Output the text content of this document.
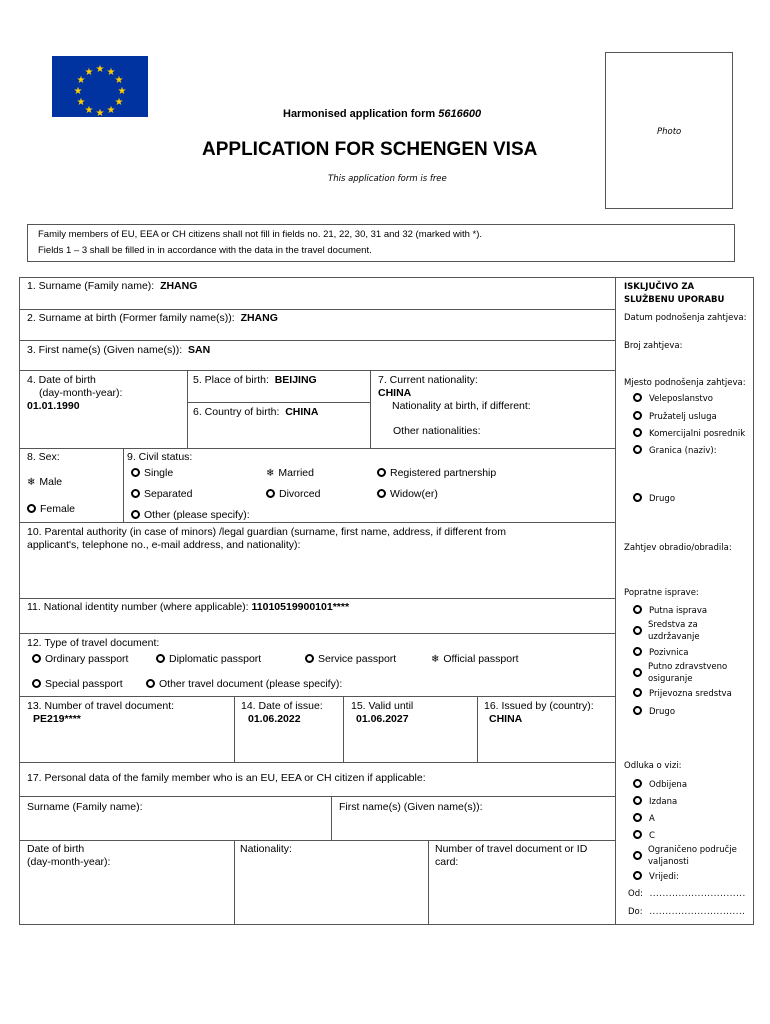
★ ★
★
★
★
★
★
★
★
★
★
★
Harmonised application form 5616600
APPLICATION FOR SCHENGEN VISA
This application form is free
Photo
Family members of EU, EEA or CH citizens shall not fill in fields no. 21, 22, 30, 31 and 32 (marked with *).
Fields 1 – 3 shall be filled in in accordance with the data in the travel document.
1. Surname (Family name): ZHANG
2. Surname at birth (Former family name(s)): ZHANG
3. First name(s) (Given name(s)): SAN
4. Date of birth
(day-month-year):
01.01.1990
5. Place of birth: BEIJING
6. Country of birth: CHINA
7. Current nationality:
CHINA
Nationality at birth, if different:
Other nationalities:
8. Sex:
❄ Male
Female
9. Civil status:
Single	❄ Married	Registered partnership
Separated	Divorced	Widow(er)
Other (please specify):
10. Parental authority (in case of minors) /legal guardian (surname, first name, address, if different from
applicant's, telephone no., e-mail address, and nationality):
11. National identity number (where applicable): 11010519900101****
12. Type of travel document:
Ordinary passport	Diplomatic passport	Service passport	❄ Official passport
Special passport	Other travel document (please specify):
13. Number of travel document:
PE219****
14. Date of issue:
01.06.2022
15. Valid until
01.06.2027
16. Issued by (country):
CHINA
17. Personal data of the family member who is an EU, EEA or CH citizen if applicable:
Surname (Family name):	First name(s) (Given name(s)):
Date of birth
(day-month-year):
Nationality:	Number of travel document or ID
card:
ISKLJUČIVO ZA
SLUŽBENU UPORABU
Datum podnošenja zahtjeva:
Broj zahtjeva:
Mjesto podnošenja zahtjeva:
Veleposlanstvo
Pružatelj usluga
Komercijalni posrednik
Granica (naziv):
Drugo
Zahtjev obradio/obradila:
Popratne isprave:
Putna isprava
Sredstva za
uzdržavanje
Pozivnica
Putno zdravstveno
osiguranje
Prijevozna sredstva
Drugo
Odluka o vizi:
Odbijena
Izdana
A
C
Ograničeno područje
valjanosti
Vrijedi:
Od: ..............................
Do: ..............................
